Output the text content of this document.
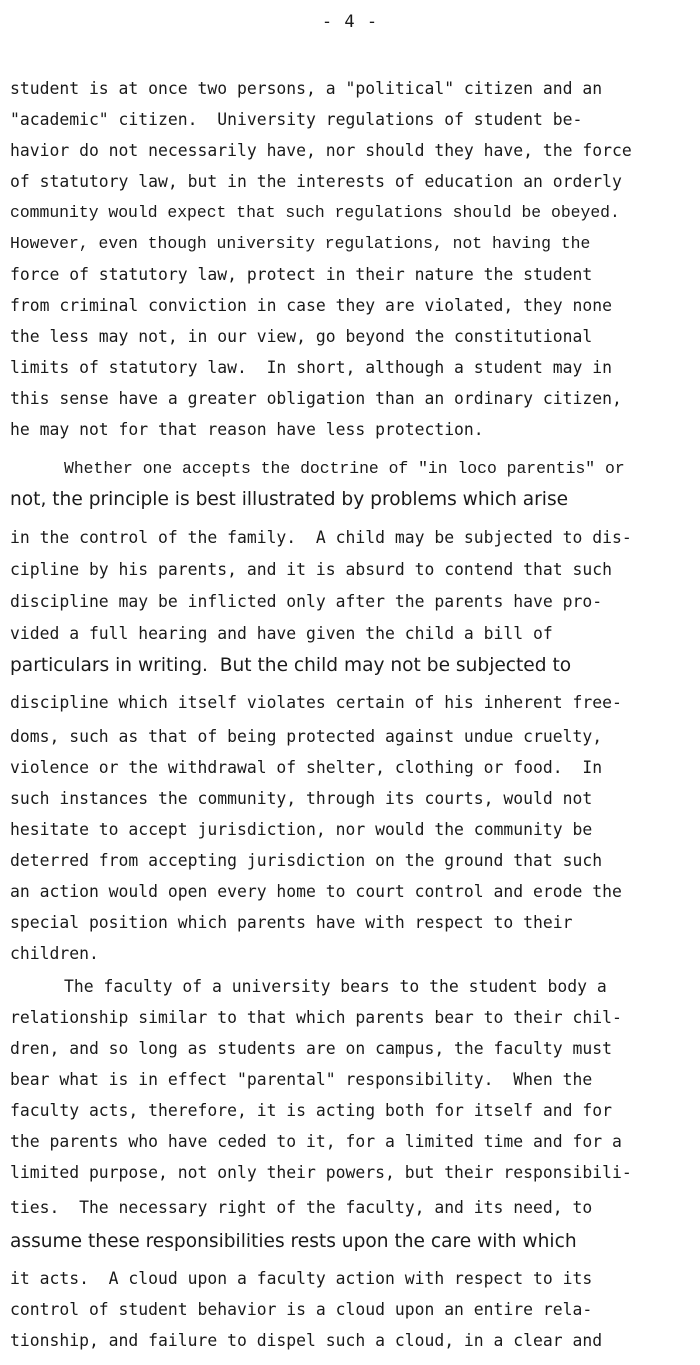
- 4 -
student is at once two persons, a "political" citizen and an
"academic" citizen.  University regulations of student be-
havior do not necessarily have, nor should they have, the force
of statutory law, but in the interests of education an orderly
community would expect that such regulations should be obeyed.
However, even though university regulations, not having the
force of statutory law, protect in their nature the student
from criminal conviction in case they are violated, they none
the less may not, in our view, go beyond the constitutional
limits of statutory law.  In short, although a student may in
this sense have a greater obligation than an ordinary citizen,
he may not for that reason have less protection.
Whether one accepts the doctrine of "in loco parentis" or
not, the principle is best illustrated by problems which arise
in the control of the family.  A child may be subjected to dis-
cipline by his parents, and it is absurd to contend that such
discipline may be inflicted only after the parents have pro-
vided a full hearing and have given the child a bill of
particulars in writing.  But the child may not be subjected to
discipline which itself violates certain of his inherent free-
doms, such as that of being protected against undue cruelty,
violence or the withdrawal of shelter, clothing or food.  In
such instances the community, through its courts, would not
hesitate to accept jurisdiction, nor would the community be
deterred from accepting jurisdiction on the ground that such
an action would open every home to court control and erode the
special position which parents have with respect to their
children.
The faculty of a university bears to the student body a
relationship similar to that which parents bear to their chil-
dren, and so long as students are on campus, the faculty must
bear what is in effect "parental" responsibility.  When the
faculty acts, therefore, it is acting both for itself and for
the parents who have ceded to it, for a limited time and for a
limited purpose, not only their powers, but their responsibili-
ties.  The necessary right of the faculty, and its need, to
assume these responsibilities rests upon the care with which
it acts.  A cloud upon a faculty action with respect to its
control of student behavior is a cloud upon an entire rela-
tionship, and failure to dispel such a cloud, in a clear and
